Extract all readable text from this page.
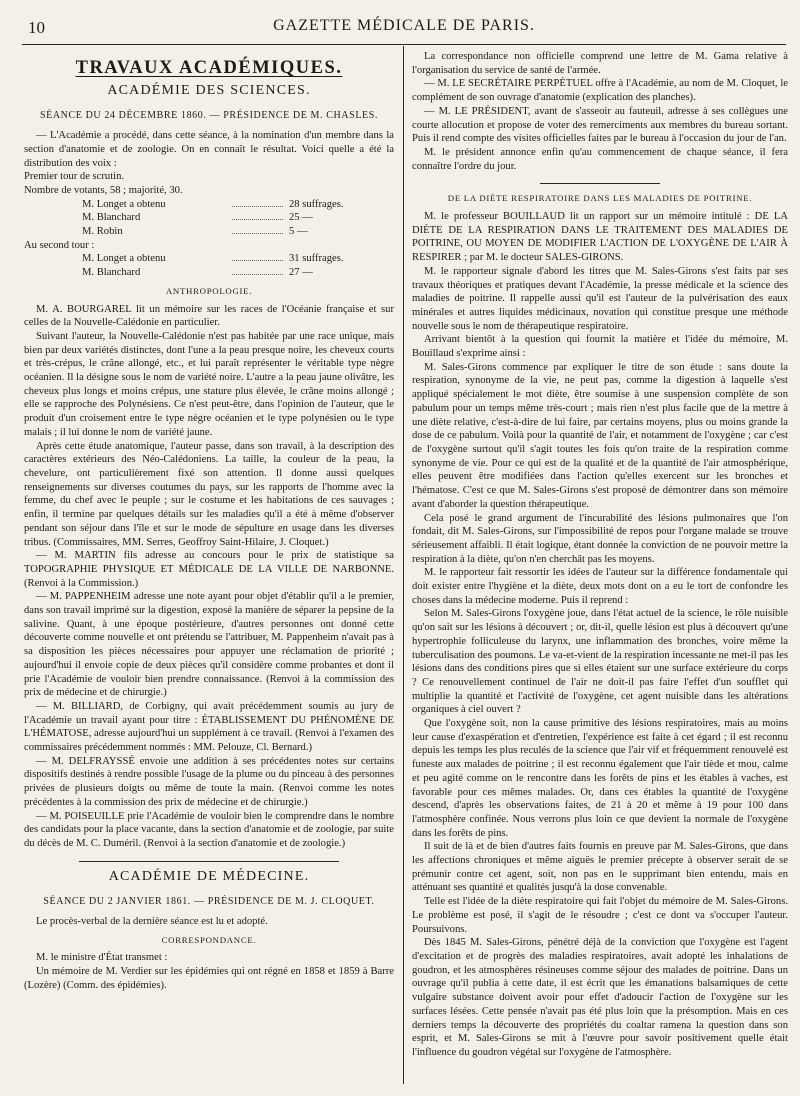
10	GAZETTE MÉDICALE DE PARIS.
TRAVAUX ACADÉMIQUES.
ACADÉMIE DES SCIENCES.
SÉANCE DU 24 DÉCEMBRE 1860. — PRÉSIDENCE DE M. CHASLES.

— L'Académie a procédé, dans cette séance, à la nomination d'un membre dans la section d'anatomie et de zoologie. On en connaît le résultat. Voici quelle a été la distribution des voix :

Premier tour de scrutin.

Nombre de votants, 58 ; majorité, 30.

M. Longet a obtenu	28 suffrages.
M. Blanchard	25 —
M. Robin	5 —

Au second tour :

M. Longet a obtenu	31 suffrages.
M. Blanchard	27 —
ANTHROPOLOGIE.

M. A. BOURGAREL lit un mémoire sur les races de l'Océanie française et sur celles de la Nouvelle-Calédonie en particulier.

Suivant l'auteur, la Nouvelle-Calédonie n'est pas habitée par une race unique, mais bien par deux variétés distinctes, dont l'une a la peau presque noire, les cheveux courts et très-crépus, le crâne allongé, etc., et lui paraît représenter le véritable type nègre océanien. Il la désigne sous le nom de variété noire. L'autre a la peau jaune olivâtre, les cheveux plus longs et moins crépus, une stature plus élevée, le crâne moins allongé ; elle se rapproche des Polynésiens. Ce n'est peut-être, dans l'opinion de l'auteur, que le produit d'un croisement entre le type nègre océanien et le type polynésien ou le type malais ; il lui donne le nom de variété jaune.

Après cette étude anatomique, l'auteur passe, dans son travail, à la description des caractères extérieurs des Néo-Calédoniens. La taille, la couleur de la peau, la chevelure, ont particulièrement fixé son attention. Il donne aussi quelques renseignements sur diverses coutumes du pays, sur les rapports de l'homme avec la femme, du chef avec le peuple ; sur le costume et les habitations de ces sauvages ; enfin, il termine par quelques détails sur les maladies qu'il a été à même d'observer pendant son séjour dans l'île et sur le mode de sépulture en usage dans les diverses tribus. (Commissaires, MM. Serres, Geoffroy Saint-Hilaire, J. Cloquet.)

— M. MARTIN fils adresse au concours pour le prix de statistique sa TOPOGRAPHIE PHYSIQUE ET MÉDICALE DE LA VILLE DE NARBONNE. (Renvoi à la Commission.)

— M. PAPPENHEIM adresse une note ayant pour objet d'établir qu'il a le premier, dans son travail imprimé sur la digestion, exposé la manière de séparer la pepsine de la salivine. Quant, à une époque postérieure, d'autres personnes ont donné cette découverte comme nouvelle et ont prétendu se l'attribuer, M. Pappenheim n'avait pas à sa disposition les pièces nécessaires pour appuyer une réclamation de priorité ; aujourd'hui il envoie copie de deux pièces qu'il considère comme probantes et dont il prie l'Académie de vouloir bien prendre connaissance. (Renvoi à la commission des prix de médecine et de chirurgie.)

— M. BILLIARD, de Corbigny, qui avait précédemment soumis au jury de l'Académie un travail ayant pour titre : ÉTABLISSEMENT DU PHÉNOMÈNE DE L'HÉMATOSE, adresse aujourd'hui un supplément à ce travail. (Renvoi à l'examen des commissaires précédemment nommés : MM. Pelouze, Cl. Bernard.)

— M. DELFRAYSSÉ envoie une addition à ses précédentes notes sur certains dispositifs destinés à rendre possible l'usage de la plume ou du pinceau à des personnes privées de plusieurs doigts ou même de toute la main. (Renvoi comme les notes précédentes à la commission des prix de médecine et de chirurgie.)

— M. POISEUILLE prie l'Académie de vouloir bien le comprendre dans le nombre des candidats pour la place vacante, dans la section d'anatomie et de zoologie, par suite du décès de M. C. Duméril. (Renvoi à la section d'anatomie et de zoologie.)

ACADÉMIE DE MÉDECINE.
SÉANCE DU 2 JANVIER 1861. — PRÉSIDENCE DE M. J. CLOQUET.

Le procès-verbal de la dernière séance est lu et adopté.

CORRESPONDANCE.

M. le ministre d'État transmet :

Un mémoire de M. Verdier sur les épidémies qui ont régné en 1858 et 1859 à Barre (Lozère) (Comm. des épidémies).

La correspondance non officielle comprend une lettre de M. Gama relative à l'organisation du service de santé de l'armée.

— M. LE SECRÉTAIRE PERPÉTUEL offre à l'Académie, au nom de M. Cloquet, le complément de son ouvrage d'anatomie (explication des planches).

— M. LE PRÉSIDENT, avant de s'asseoir au fauteuil, adresse à ses collègues une courte allocution et propose de voter des remerciments aux membres du bureau sortant. Puis il rend compte des visites officielles faites par le bureau à l'occasion du jour de l'an.

M. le président annonce enfin qu'au commencement de chaque séance, il fera connaître l'ordre du jour.

DE LA DIÈTE RESPIRATOIRE DANS LES MALADIES DE POITRINE.

M. le professeur BOUILLAUD lit un rapport sur un mémoire intitulé : DE LA DIÈTE DE LA RESPIRATION DANS LE TRAITEMENT DES MALADIES DE POITRINE, OU MOYEN DE MODIFIER L'ACTION DE L'OXYGÈNE DE L'AIR À RESPIRER ; par M. le docteur SALES-GIRONS.

M. le rapporteur signale d'abord les titres que M. Sales-Girons s'est faits par ses travaux théoriques et pratiques devant l'Académie, la presse médicale et la science des maladies de poitrine. Il rappelle aussi qu'il est l'auteur de la pulvérisation des eaux minérales et autres liquides médicinaux, novation qui constitue presque une méthode nouvelle sous le nom de thérapeutique respiratoire.

Arrivant bientôt à la question qui fournit la matière et l'idée du mémoire, M. Bouillaud s'exprime ainsi :

M. Sales-Girons commence par expliquer le titre de son étude : sans doute la respiration, synonyme de la vie, ne peut pas, comme la digestion à laquelle s'est appliqué spécialement le mot diète, être soumise à une suspension complète de son pabulum pour un temps même très-court ; mais rien n'est plus facile que de la mettre à une diète relative, c'est-à-dire de lui faire, par certains moyens, plus ou moins grande la dose de ce pabulum. Voilà pour la quantité de l'air, et notamment de l'oxygène ; car c'est de l'oxygène surtout qu'il s'agit toutes les fois qu'on traite de la respiration comme synonyme de vie. Pour ce qui est de la qualité et de la quantité de l'air atmosphérique, elles peuvent être modifiées dans l'action qu'elles exercent sur les bronches et l'hématose. C'est ce que M. Sales-Girons s'est proposé de démontrer dans son mémoire avant d'aborder la question thérapeutique.

Cela posé le grand argument de l'incurabilité des lésions pulmonaires que l'on fondait, dit M. Sales-Girons, sur l'impossibilité de repos pour l'organe malade se trouve sérieusement affaibli. Il était logique, étant donnée la conviction de ne pouvoir mettre la respiration à la diète, qu'on n'en cherchât pas les moyens.

M. le rapporteur fait ressortir les idées de l'auteur sur la différence fondamentale qui doit exister entre l'hygiène et la diète, deux mots dont on a eu le tort de confondre les choses dans la médecine moderne. Puis il reprend :

Selon M. Sales-Girons l'oxygène joue, dans l'état actuel de la science, le rôle nuisible qu'on sait sur les lésions à découvert ; or, dit-il, quelle lésion est plus à découvert qu'une hypertrophie folliculeuse du larynx, une inflammation des bronches, voire même la tuberculisation des poumons. Le va-et-vient de la respiration incessante ne met-il pas les lésions dans des conditions pires que si elles étaient sur une surface extérieure du corps ? Ce renouvellement continuel de l'air ne doit-il pas faire l'effet d'un soufflet qui multiplie la quantité et l'activité de l'oxygène, cet agent nuisible dans les altérations organiques à ciel ouvert ?

Que l'oxygène soit, non la cause primitive des lésions respiratoires, mais au moins leur cause d'exaspération et d'entretien, l'expérience est faite à cet égard ; il est reconnu depuis les temps les plus reculés de la science que l'air vif et fréquemment renouvelé est funeste aux malades de poitrine ; il est reconnu également que l'air tiède et mou, calme et peu agité comme on le rencontre dans les forêts de pins et les étables à vaches, est favorable pour ces mêmes malades. Or, dans ces étables la quantité de l'oxygène descend, d'après les observations faites, de 21 à 20 et même à 19 pour 100 dans l'atmosphère confinée. Nous verrons plus loin ce que devient la normale de l'oxygène dans les forêts de pins.

Il suit de là et de bien d'autres faits fournis en preuve par M. Sales-Girons, que dans les affections chroniques et même aiguës le premier précepte à observer serait de se prémunir contre cet agent, soit, non pas en le supprimant bien entendu, mais en atténuant ses quantité et qualités jusqu'à la dose convenable.

Telle est l'idée de la diète respiratoire qui fait l'objet du mémoire de M. Sales-Girons. Le problème est posé, il s'agit de le résoudre ; c'est ce dont va s'occuper l'auteur. Poursuivons.

Dès 1845 M. Sales-Girons, pénétré déjà de la conviction que l'oxygène est l'agent d'excitation et de progrès des maladies respiratoires, avait adopté les inhalations de goudron, et les atmosphères résineuses comme séjour des malades de poitrine. Dans un ouvrage qu'il publia à cette date, il est écrit que les émanations balsamiques de cette vulgaire substance doivent avoir pour effet d'adoucir l'action de l'oxygène sur les surfaces lésées. Cette pensée n'avait pas été plus loin que la présomption. Mais en ces derniers temps la découverte des propriétés du coaltar ramena la question dans son esprit, et M. Sales-Girons se mit à l'œuvre pour savoir positivement quelle était l'influence du goudron végétal sur l'oxygène de l'atmosphère.
